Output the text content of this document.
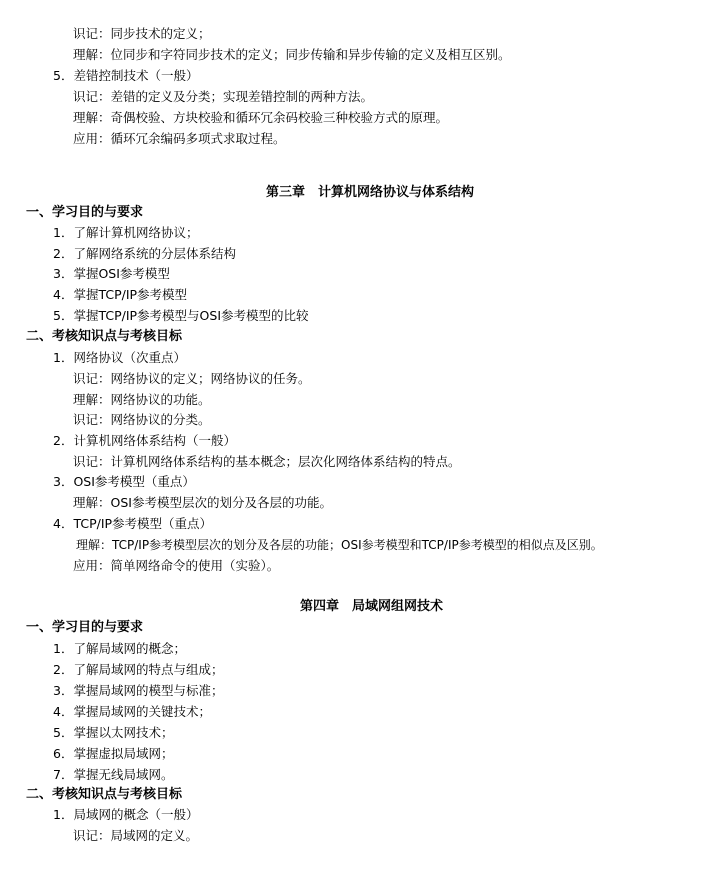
识记：同步技术的定义；
理解：位同步和字符同步技术的定义；同步传输和异步传输的定义及相互区别。
5．差错控制技术（一般）
识记：差错的定义及分类；实现差错控制的两种方法。
理解：奇偶校验、方块校验和循环冗余码校验三种校验方式的原理。
应用：循环冗余编码多项式求取过程。
第三章　计算机网络协议与体系结构
一、学习目的与要求
1．了解计算机网络协议；
2．了解网络系统的分层体系结构
3．掌握OSI参考模型
4．掌握TCP/IP参考模型
5．掌握TCP/IP参考模型与OSI参考模型的比较
二、考核知识点与考核目标
1．网络协议（次重点）
识记：网络协议的定义；网络协议的任务。
理解：网络协议的功能。
识记：网络协议的分类。
2．计算机网络体系结构（一般）
识记：计算机网络体系结构的基本概念；层次化网络体系结构的特点。
3．OSI参考模型（重点）
理解：OSI参考模型层次的划分及各层的功能。
4．TCP/IP参考模型（重点）
理解：TCP/IP参考模型层次的划分及各层的功能；OSI参考模型和TCP/IP参考模型的相似点及区别。
应用：简单网络命令的使用（实验）。
第四章　局域网组网技术
一、学习目的与要求
1．了解局域网的概念；
2．了解局域网的特点与组成；
3．掌握局域网的模型与标准；
4．掌握局域网的关键技术；
5．掌握以太网技术；
6．掌握虚拟局域网；
7．掌握无线局域网。
二、考核知识点与考核目标
1．局域网的概念（一般）
识记：局域网的定义。
